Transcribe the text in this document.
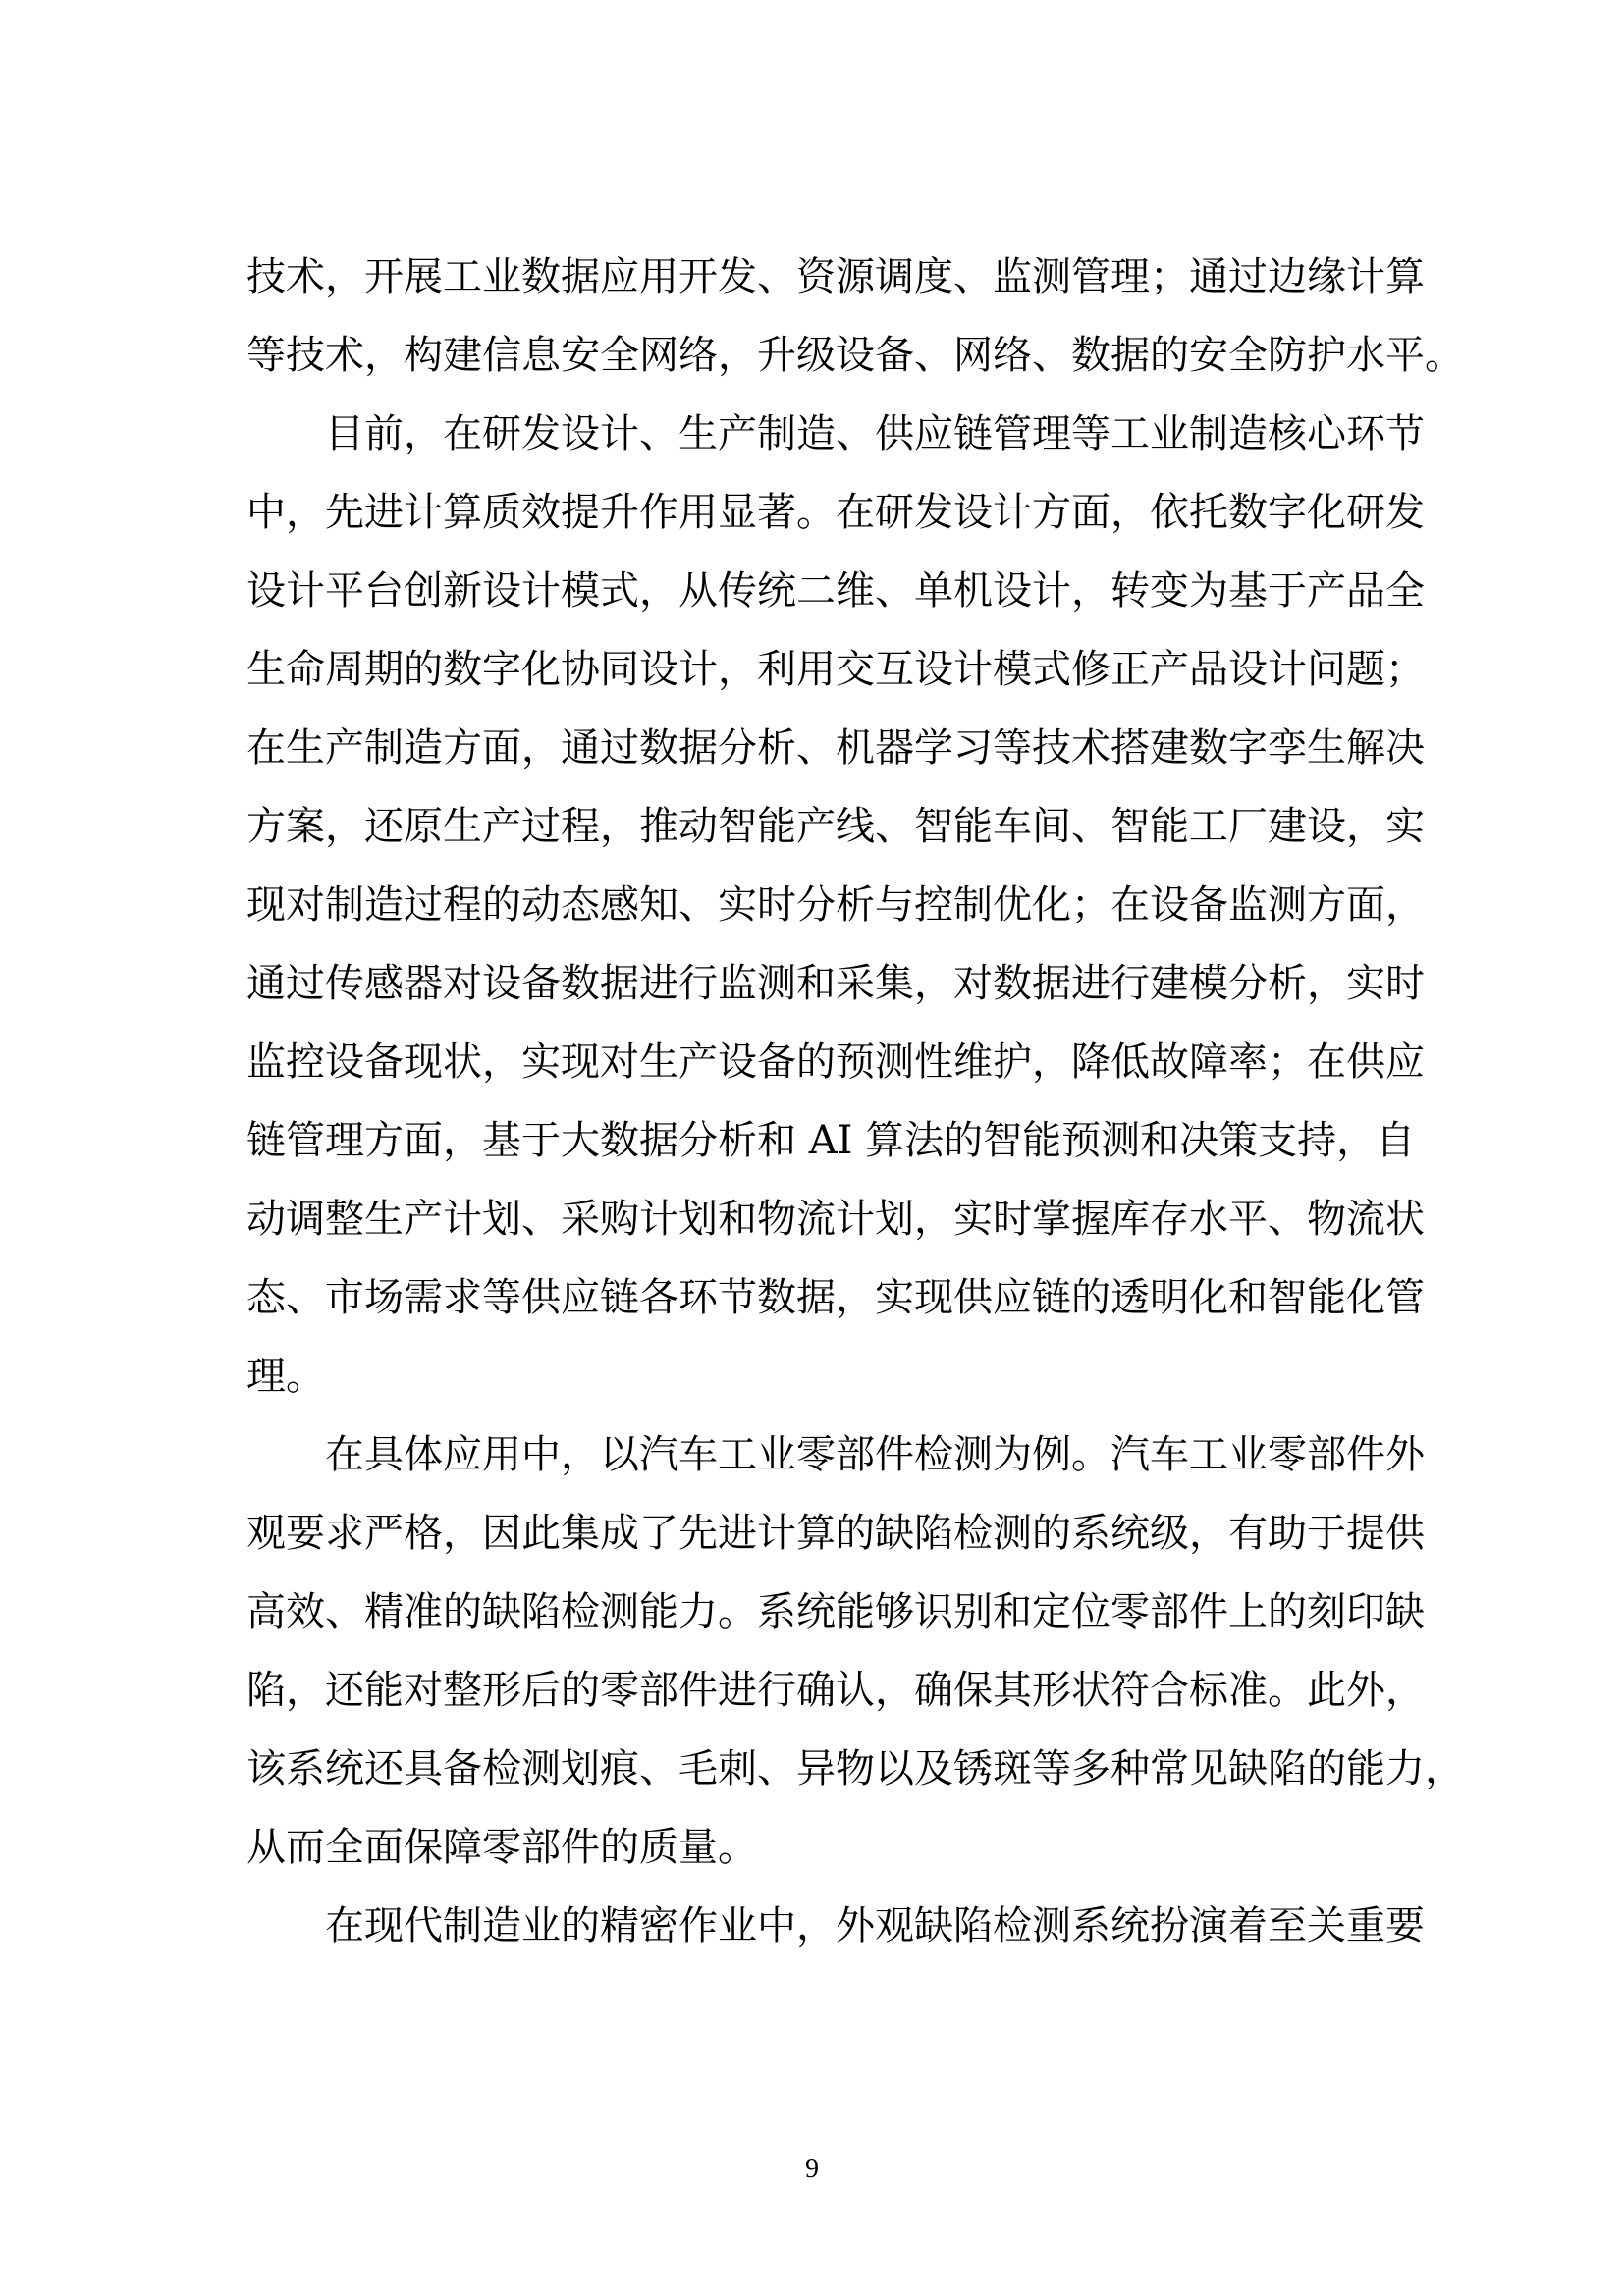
技术，开展工业数据应用开发、资源调度、监测管理；通过边缘计算
等技术，构建信息安全网络，升级设备、网络、数据的安全防护水平。
目前，在研发设计、生产制造、供应链管理等工业制造核心环节
中，先进计算质效提升作用显著。在研发设计方面，依托数字化研发
设计平台创新设计模式，从传统二维、单机设计，转变为基于产品全
生命周期的数字化协同设计，利用交互设计模式修正产品设计问题；
在生产制造方面，通过数据分析、机器学习等技术搭建数字孪生解决
方案，还原生产过程，推动智能产线、智能车间、智能工厂建设，实
现对制造过程的动态感知、实时分析与控制优化；在设备监测方面，
通过传感器对设备数据进行监测和采集，对数据进行建模分析，实时
监控设备现状，实现对生产设备的预测性维护，降低故障率；在供应
链管理方面，基于大数据分析和 AI 算法的智能预测和决策支持，自
动调整生产计划、采购计划和物流计划，实时掌握库存水平、物流状
态、市场需求等供应链各环节数据，实现供应链的透明化和智能化管
理。
在具体应用中，以汽车工业零部件检测为例。汽车工业零部件外
观要求严格，因此集成了先进计算的缺陷检测的系统级，有助于提供
高效、精准的缺陷检测能力。系统能够识别和定位零部件上的刻印缺
陷，还能对整形后的零部件进行确认，确保其形状符合标准。此外，
该系统还具备检测划痕、毛刺、异物以及锈斑等多种常见缺陷的能力，
从而全面保障零部件的质量。
在现代制造业的精密作业中，外观缺陷检测系统扮演着至关重要
9
